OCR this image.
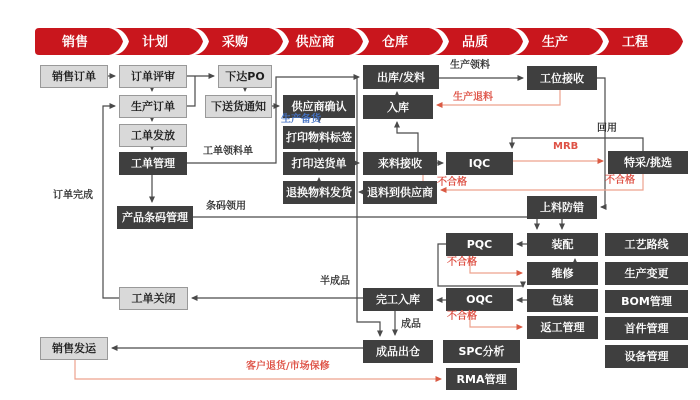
销售	计划	采购	供应商	仓库	品质	生产	工程
销售订单	订单评审
生产订单
工单发放
工单管理
产品条码管理
工单关闭
销售发运
下达PO
下送货通知	供应商确认
打印物料标签
打印送货单
退换物料发货
出库/发料
入库
来料接收
退料到供应商
完工入库
成品出仓
IQC
PQC
OQC
SPC分析
RMA管理
工位接收
上料防错
装配
维修
包装
返工管理
特采/挑选
工艺路线
生产变更
BOM管理
首件管理
设备管理
订单完成
工单领料单
条码领用
半成品
成品
生产领料
生产退料
生产备货
MRB
回用
不合格	不合格
不合格
不合格
客户退货/市场保修
